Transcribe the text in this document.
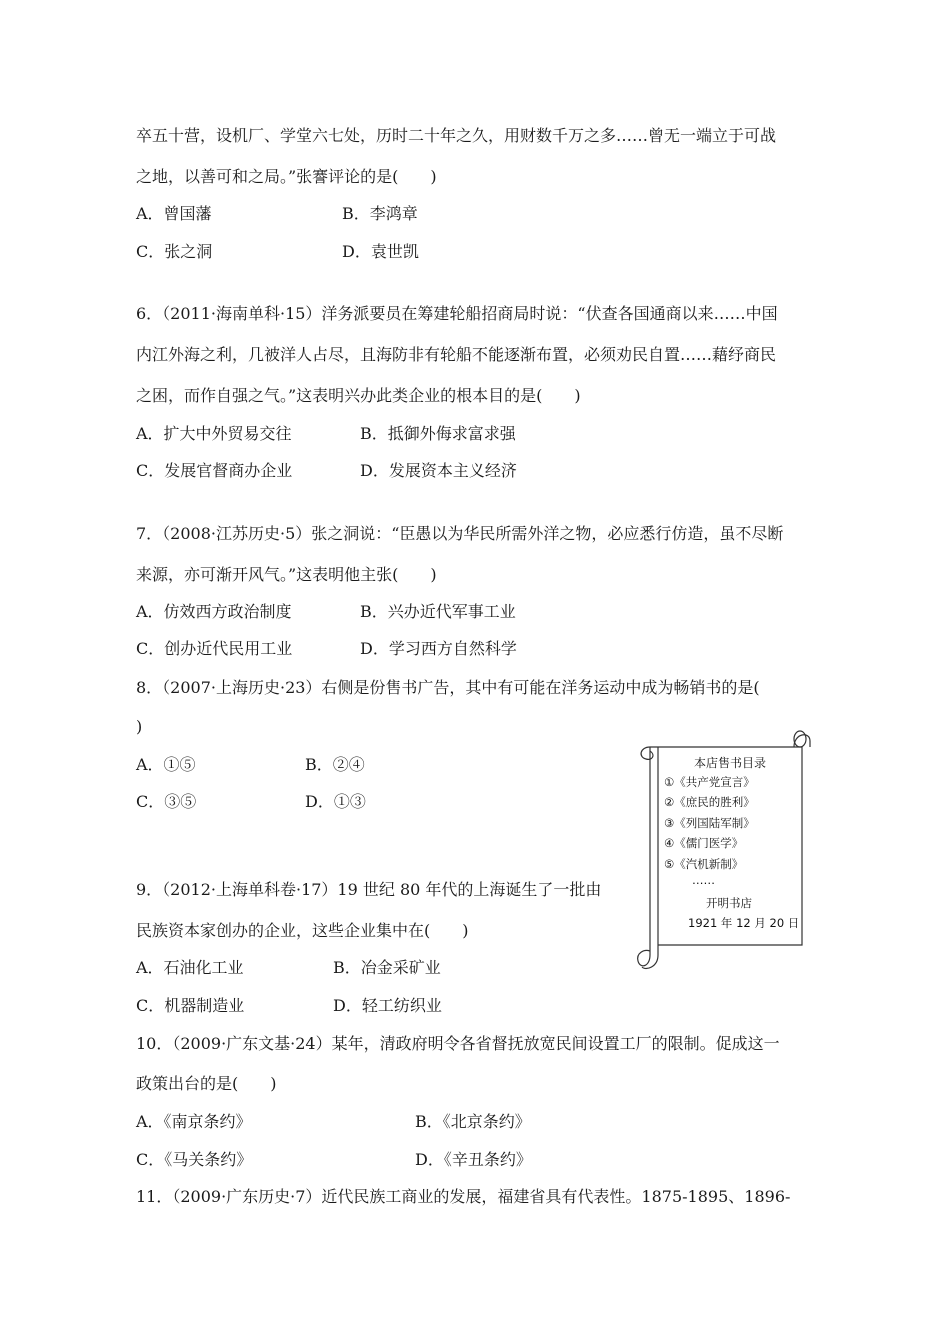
卒五十营，设机厂、学堂六七处，历时二十年之久，用财数千万之多……曾无一端立于可战
之地，以善可和之局。”张謇评论的是(　　)
A．曾国藩	B．李鸿章
C．张之洞	D．袁世凯
6．（2011·海南单科·15）洋务派要员在筹建轮船招商局时说：“伏查各国通商以来……中国
内江外海之利，几被洋人占尽，且海防非有轮船不能逐渐布置，必须劝民自置……藉纾商民
之困，而作自强之气。”这表明兴办此类企业的根本目的是(　　)
A．扩大中外贸易交往	B．抵御外侮求富求强
C．发展官督商办企业	D．发展资本主义经济
7．（2008·江苏历史·5）张之洞说：“臣愚以为华民所需外洋之物，必应悉行仿造，虽不尽断
来源，亦可渐开风气。”这表明他主张(　　)
A．仿效西方政治制度	B．兴办近代军事工业
C．创办近代民用工业	D．学习西方自然科学
8．（2007·上海历史·23）右侧是份售书广告，其中有可能在洋务运动中成为畅销书的是(
)
A．①⑤	B．②④
C．③⑤	D．①③
本店售书目录
①《共产党宣言》
②《庶民的胜利》
③《列国陆军制》
④《儒门医学》
⑤《汽机新制》
……
开明书店
1921 年 12 月 20 日
9．（2012·上海单科卷·17）19 世纪 80 年代的上海诞生了一批由
民族资本家创办的企业，这些企业集中在(　　)
A．石油化工业	B．冶金采矿业
C．机器制造业	D．轻工纺织业
10．（2009·广东文基·24）某年，清政府明令各省督抚放宽民间设置工厂的限制。促成这一
政策出台的是(　　)
A．《南京条约》	B．《北京条约》
C．《马关条约》	D．《辛丑条约》
11．（2009·广东历史·7）近代民族工商业的发展，福建省具有代表性。1875-1895、1896-
